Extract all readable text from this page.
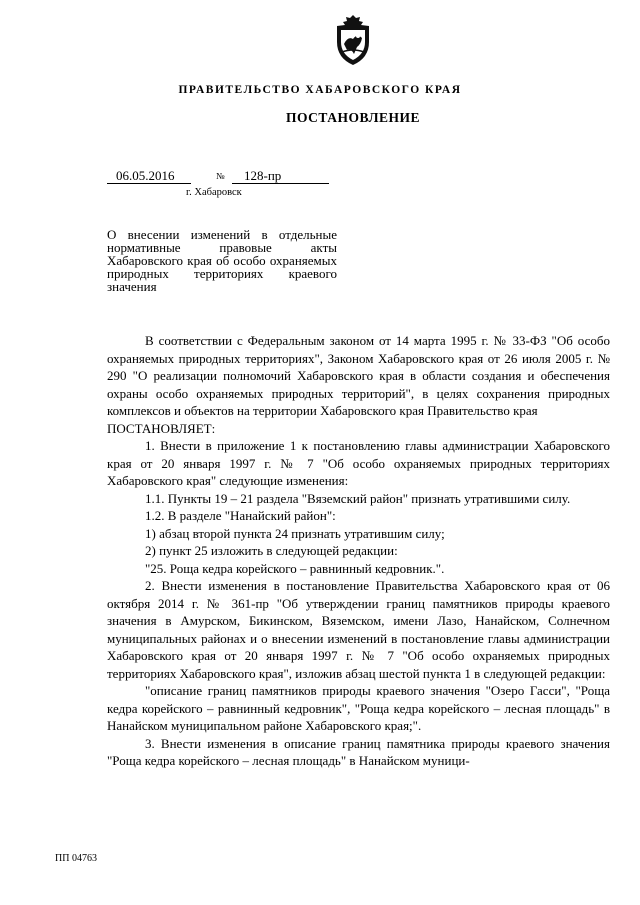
ПРАВИТЕЛЬСТВО ХАБАРОВСКОГО КРАЯ
ПОСТАНОВЛЕНИЕ
06.05.2016	№	128-пр
г. Хабаровск
О внесении изменений в отдельные нормативные правовые акты Хабаровского края об особо охраняемых природных территориях краевого значения

В соответствии с Федеральным законом от 14 марта 1995 г. № 33-ФЗ "Об особо охраняемых природных территориях", Законом Хабаровского края от 26 июля 2005 г. № 290 "О реализации полномочий Хабаровского края в области создания и обеспечения охраны особо охраняемых природных территорий", в целях сохранения природных комплексов и объектов на территории Хабаровского края Правительство края

ПОСТАНОВЛЯЕТ:

1. Внести в приложение 1 к постановлению главы администрации Хабаровского края от 20 января 1997 г. № 7 "Об особо охраняемых природных территориях Хабаровского края" следующие изменения:

1.1. Пункты 19 – 21 раздела "Вяземский район" признать утратившими силу.

1.2. В разделе "Нанайский район":

1) абзац второй пункта 24 признать утратившим силу;

2) пункт 25 изложить в следующей редакции:

"25. Роща кедра корейского – равнинный кедровник.".

2. Внести изменения в постановление Правительства Хабаровского края от 06 октября 2014 г. № 361-пр "Об утверждении границ памятников природы краевого значения в Амурском, Бикинском, Вяземском, имени Лазо, Нанайском, Солнечном муниципальных районах и о внесении изменений в постановление главы администрации Хабаровского края от 20 января 1997 г. № 7 "Об особо охраняемых природных территориях Хабаровского края", изложив абзац шестой пункта 1 в следующей редакции:

"описание границ памятников природы краевого значения "Озеро Гасси", "Роща кедра корейского – равнинный кедровник", "Роща кедра корейского – лесная площадь" в Нанайском муниципальном районе Хабаровского края;".

3. Внести изменения в описание границ памятника природы краевого значения "Роща кедра корейского – лесная площадь" в Нанайском муници-

ПП 04763
